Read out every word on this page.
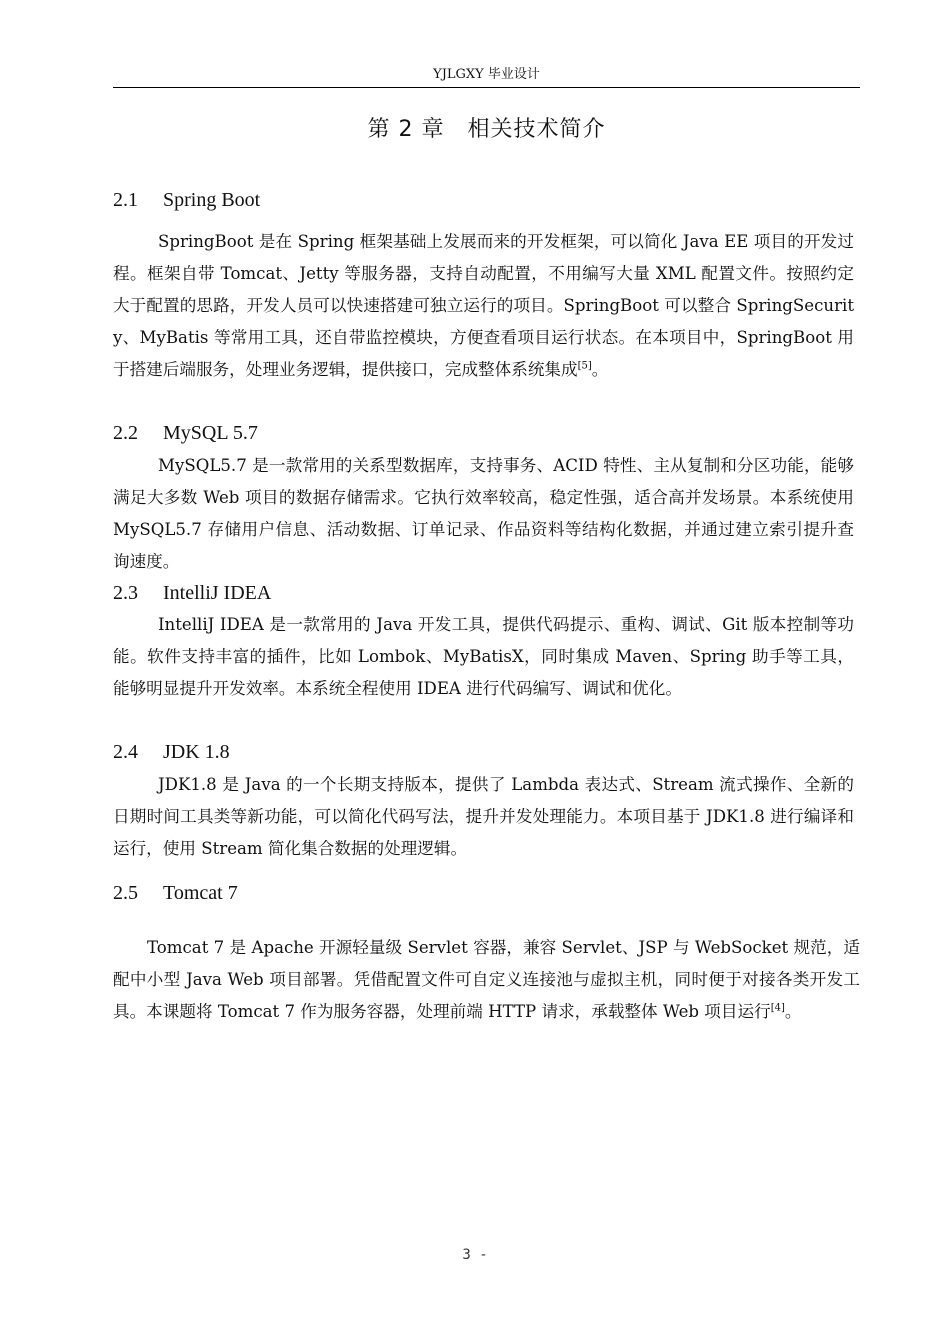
YJLGXY 毕业设计
第 2 章　相关技术简介
2.1 Spring Boot
SpringBoot 是在 Spring 框架基础上发展而来的开发框架，可以简化 Java EE 项目的开发过程。框架自带 Tomcat、Jetty 等服务器，支持自动配置，不用编写大量 XML 配置文件。按照约定大于配置的思路，开发人员可以快速搭建可独立运行的项目。SpringBoot 可以整合 SpringSecurity、MyBatis 等常用工具，还自带监控模块，方便查看项目运行状态。在本项目中，SpringBoot 用于搭建后端服务，处理业务逻辑，提供接口，完成整体系统集成[5]。
2.2 MySQL 5.7
MySQL5.7 是一款常用的关系型数据库，支持事务、ACID 特性、主从复制和分区功能，能够满足大多数 Web 项目的数据存储需求。它执行效率较高，稳定性强，适合高并发场景。本系统使用 MySQL5.7 存储用户信息、活动数据、订单记录、作品资料等结构化数据，并通过建立索引提升查询速度。
2.3 IntelliJ IDEA
IntelliJ IDEA 是一款常用的 Java 开发工具，提供代码提示、重构、调试、Git 版本控制等功能。软件支持丰富的插件，比如 Lombok、MyBatisX，同时集成 Maven、Spring 助手等工具，能够明显提升开发效率。本系统全程使用 IDEA 进行代码编写、调试和优化。
2.4 JDK 1.8
JDK1.8 是 Java 的一个长期支持版本，提供了 Lambda 表达式、Stream 流式操作、全新的日期时间工具类等新功能，可以简化代码写法，提升并发处理能力。本项目基于 JDK1.8 进行编译和运行，使用 Stream 简化集合数据的处理逻辑。
2.5 Tomcat 7
Tomcat 7 是 Apache 开源轻量级 Servlet 容器，兼容 Servlet、JSP 与 WebSocket 规范，适配中小型 Java Web 项目部署。凭借配置文件可自定义连接池与虚拟主机，同时便于对接各类开发工具。本课题将 Tomcat 7 作为服务容器，处理前端 HTTP 请求，承载整体 Web 项目运行[4]。
3 -
